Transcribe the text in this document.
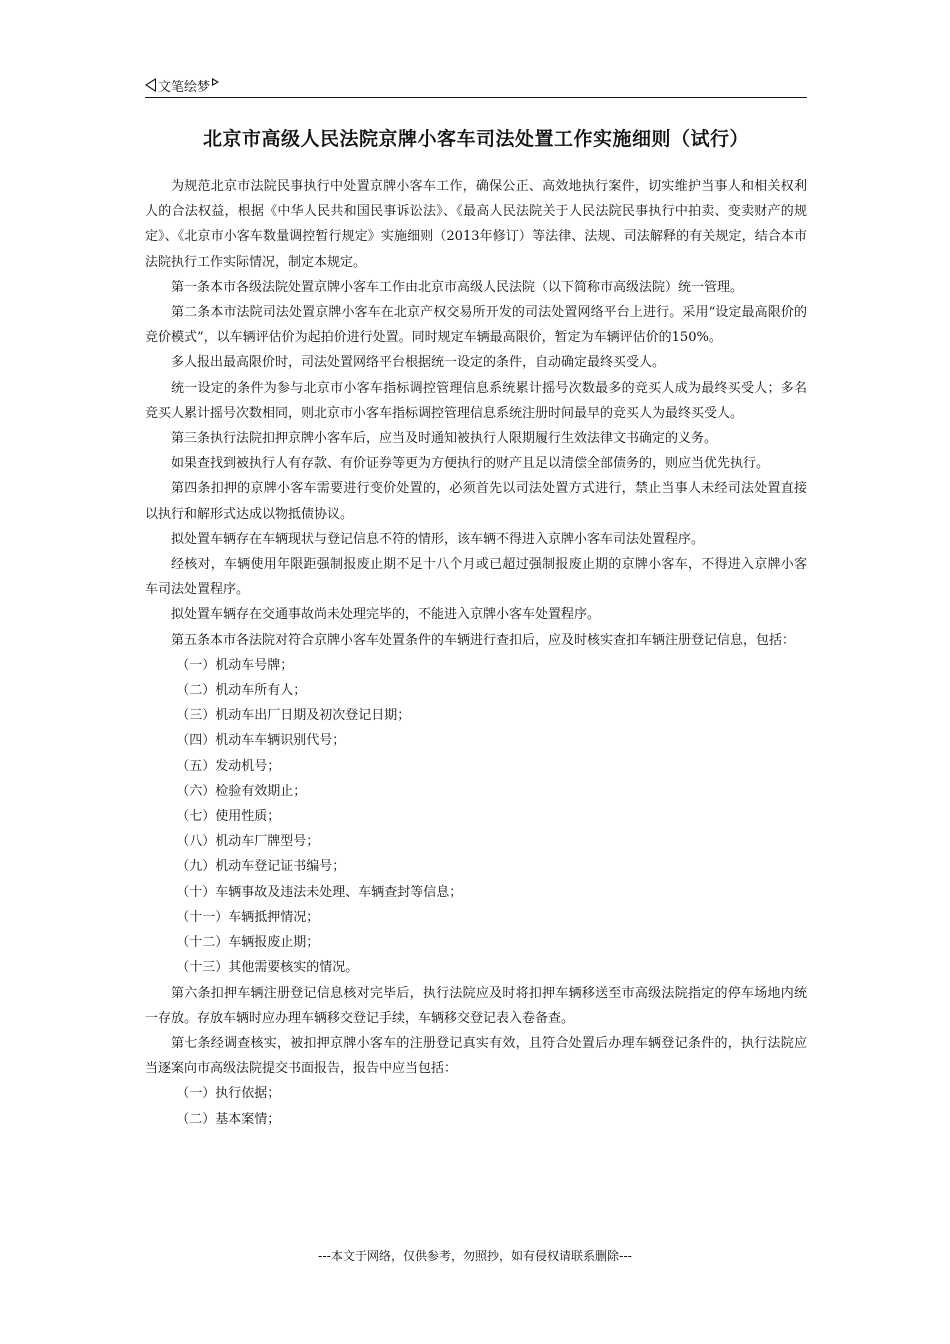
文笔绘梦
北京市高级人民法院京牌小客车司法处置工作实施细则（试行）

为规范北京市法院民事执行中处置京牌小客车工作，确保公正、高效地执行案件，切实维护当事人和相关权利人的合法权益，根据《中华人民共和国民事诉讼法》、《最高人民法院关于人民法院民事执行中拍卖、变卖财产的规定》、《北京市小客车数量调控暂行规定》实施细则（2013年修订）等法律、法规、司法解释的有关规定，结合本市法院执行工作实际情况，制定本规定。

第一条本市各级法院处置京牌小客车工作由北京市高级人民法院（以下简称市高级法院）统一管理。

第二条本市法院司法处置京牌小客车在北京产权交易所开发的司法处置网络平台上进行。采用“设定最高限价的竞价模式”，以车辆评估价为起拍价进行处置。同时规定车辆最高限价，暂定为车辆评估价的150%。

多人报出最高限价时，司法处置网络平台根据统一设定的条件，自动确定最终买受人。

统一设定的条件为参与北京市小客车指标调控管理信息系统累计摇号次数最多的竞买人成为最终买受人；多名竞买人累计摇号次数相同，则北京市小客车指标调控管理信息系统注册时间最早的竞买人为最终买受人。

第三条执行法院扣押京牌小客车后，应当及时通知被执行人限期履行生效法律文书确定的义务。

如果查找到被执行人有存款、有价证券等更为方便执行的财产且足以清偿全部债务的，则应当优先执行。

第四条扣押的京牌小客车需要进行变价处置的，必须首先以司法处置方式进行，禁止当事人未经司法处置直接以执行和解形式达成以物抵债协议。

拟处置车辆存在车辆现状与登记信息不符的情形，该车辆不得进入京牌小客车司法处置程序。

经核对，车辆使用年限距强制报废止期不足十八个月或已超过强制报废止期的京牌小客车，不得进入京牌小客车司法处置程序。

拟处置车辆存在交通事故尚未处理完毕的，不能进入京牌小客车处置程序。

第五条本市各法院对符合京牌小客车处置条件的车辆进行查扣后，应及时核实查扣车辆注册登记信息，包括：

（一）机动车号牌；

（二）机动车所有人；

（三）机动车出厂日期及初次登记日期；

（四）机动车车辆识别代号；

（五）发动机号；

（六）检验有效期止；

（七）使用性质；

（八）机动车厂牌型号；

（九）机动车登记证书编号；

（十）车辆事故及违法未处理、车辆查封等信息；

（十一）车辆抵押情况；

（十二）车辆报废止期；

（十三）其他需要核实的情况。

第六条扣押车辆注册登记信息核对完毕后，执行法院应及时将扣押车辆移送至市高级法院指定的停车场地内统一存放。存放车辆时应办理车辆移交登记手续，车辆移交登记表入卷备查。

第七条经调查核实，被扣押京牌小客车的注册登记真实有效，且符合处置后办理车辆登记条件的，执行法院应当逐案向市高级法院提交书面报告，报告中应当包括：

（一）执行依据；

（二）基本案情；

---本文于网络，仅供参考，勿照抄，如有侵权请联系删除---
